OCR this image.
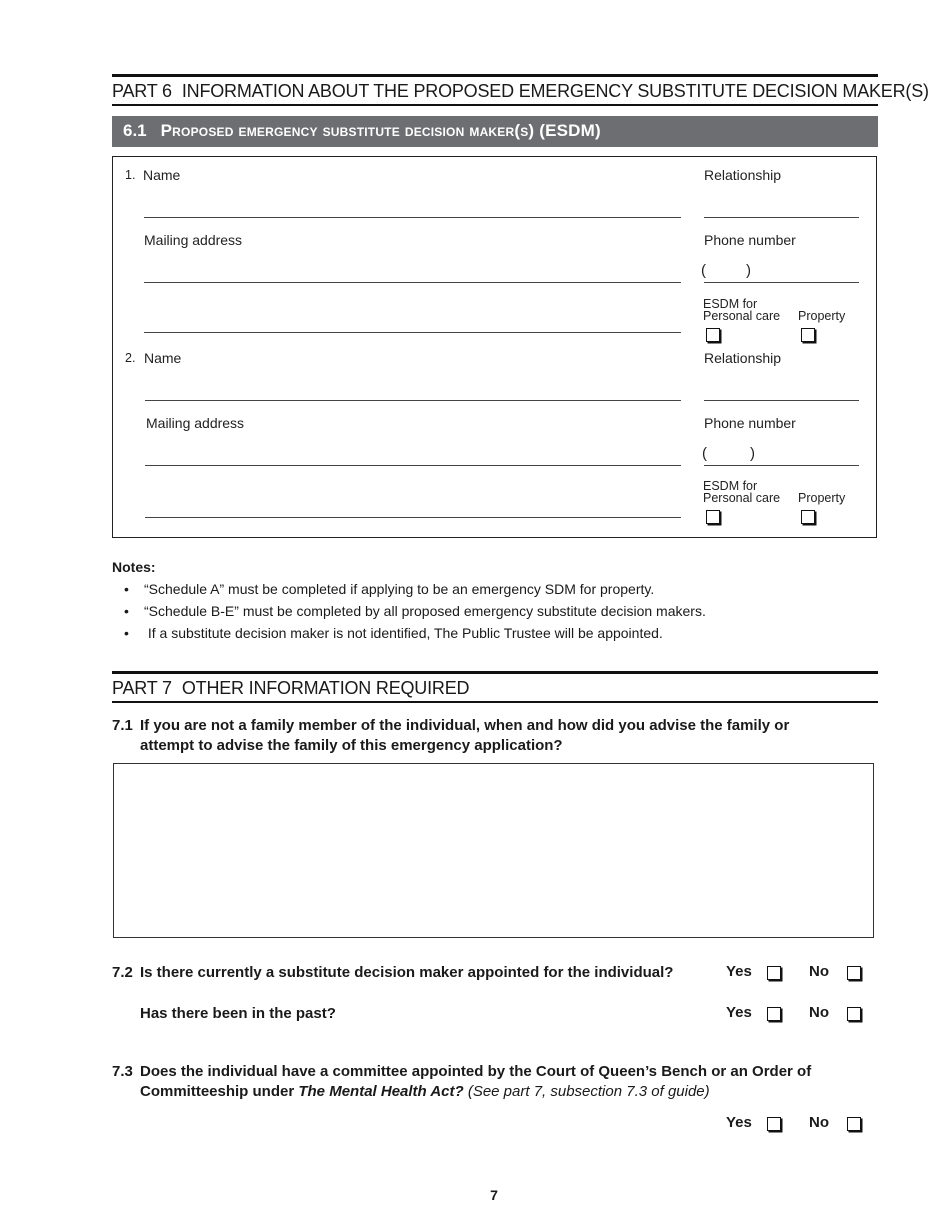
PART 6 INFORMATION ABOUT THE PROPOSED EMERGENCY SUBSTITUTE DECISION MAKER(S)
6.1 Proposed emergency substitute decision maker(s) (ESDM)
1. Name	Relationship
Mailing address	Phone number
(	)
ESDM for
Personal care Property
2. Name	Relationship
Mailing address	Phone number
(	)
ESDM for
Personal care Property
Notes:
• “Schedule A” must be completed if applying to be an emergency SDM for property.
• “Schedule B-E” must be completed by all proposed emergency substitute decision makers.
• If a substitute decision maker is not identified, The Public Trustee will be appointed.
PART 7 OTHER INFORMATION REQUIRED
7.1 If you are not a family member of the individual, when and how did you advise the family or
attempt to advise the family of this emergency application?
7.2 Is there currently a substitute decision maker appointed for the individual?	Yes	No
Has there been in the past?	Yes	No
7.3 Does the individual have a committee appointed by the Court of Queen’s Bench or an Order of
Committeeship under The Mental Health Act? (See part 7, subsection 7.3 of guide)
Yes	No
7
